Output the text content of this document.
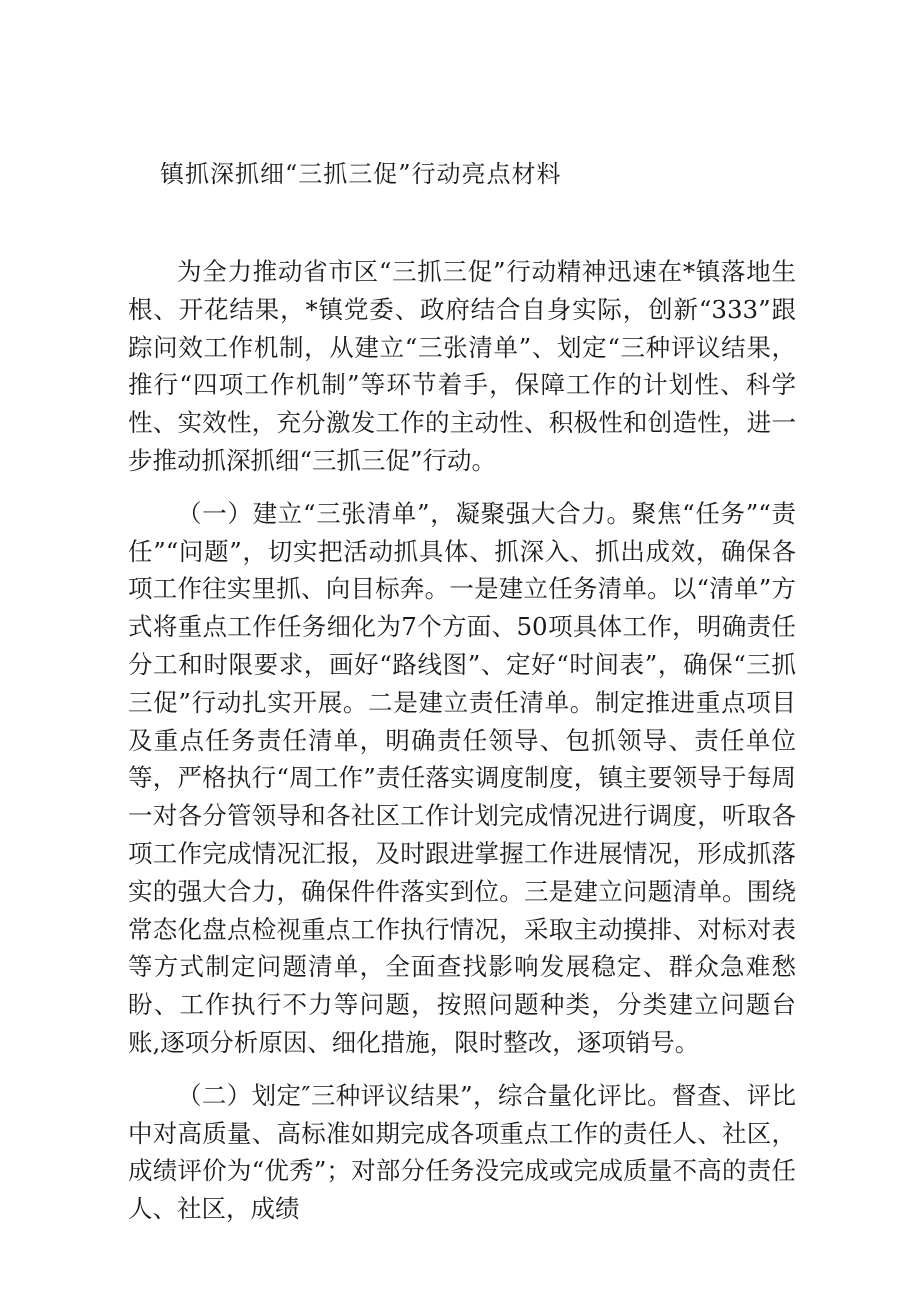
镇抓深抓细“三抓三促”行动亮点材料

为全力推动省市区“三抓三促”行动精神迅速在*镇落地生根、开花结果，*镇党委、政府结合自身实际，创新“333”跟踪问效工作机制，从建立“三张清单”、划定“三种评议结果，推行“四项工作机制”等环节着手，保障工作的计划性、科学性、实效性，充分激发工作的主动性、积极性和创造性，进一步推动抓深抓细“三抓三促”行动。

（一）建立“三张清单”，凝聚强大合力。聚焦“任务”“责任”“问题”，切实把活动抓具体、抓深入、抓出成效，确保各项工作往实里抓、向目标奔。一是建立任务清单。以“清单”方式将重点工作任务细化为7个方面、50项具体工作，明确责任分工和时限要求，画好“路线图”、定好“时间表”，确保“三抓三促”行动扎实开展。二是建立责任清单。制定推进重点项目及重点任务责任清单，明确责任领导、包抓领导、责任单位等，严格执行“周工作”责任落实调度制度，镇主要领导于每周一对各分管领导和各社区工作计划完成情况进行调度，听取各项工作完成情况汇报，及时跟进掌握工作进展情况，形成抓落实的强大合力，确保件件落实到位。三是建立问题清单。围绕常态化盘点检视重点工作执行情况，采取主动摸排、对标对表等方式制定问题清单，全面查找影响发展稳定、群众急难愁盼、工作执行不力等问题，按照问题种类，分类建立问题台账,逐项分析原因、细化措施，限时整改，逐项销号。

（二）划定″三种评议结果”，综合量化评比。督查、评比中对高质量、高标准如期完成各项重点工作的责任人、社区，成绩评价为“优秀”；对部分任务没完成或完成质量不高的责任人、社区，成绩
